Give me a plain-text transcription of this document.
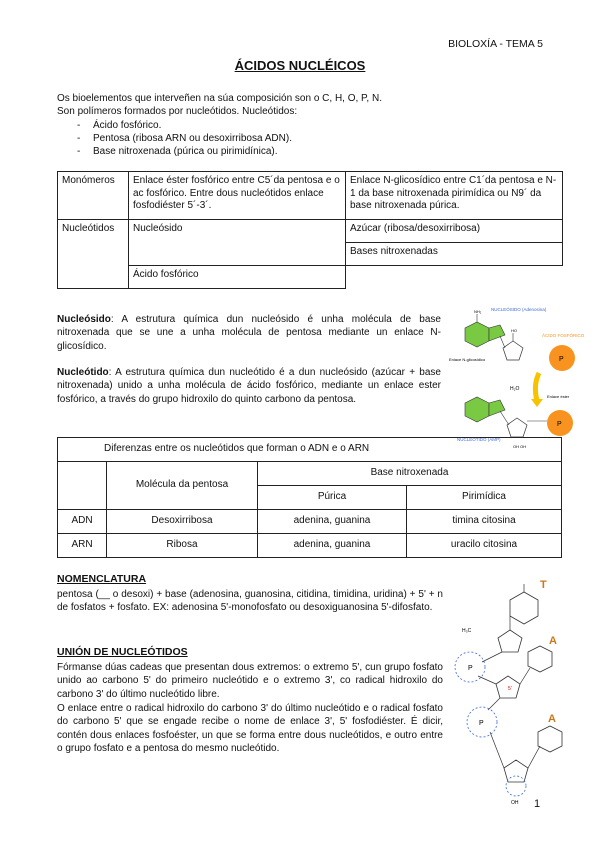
BIOLOXÍA - TEMA 5
ÁCIDOS NUCLÉICOS
Os bioelementos que interveñen na súa composición son o C, H, O, P, N.
Son polímeros formados por nucleótidos. Nucleótidos:
- Ácido fosfórico.
- Pentosa (ribosa ARN ou desoxirribosa ADN).
- Base nitroxenada (púrica ou pirimidínica).
Monómeros	Enlace éster fosfórico entre C5´da pentosa e o ac fosfórico. Entre dous nucleótidos enlace fosfodiéster 5´-3´.	Enlace N-glicosídico entre C1´da pentosa e N-1 da base nitroxenada pirimídica ou N9´ da base nitroxenada púrica.
Nucleótidos	Nucleósido	Azúcar (ribosa/desoxirribosa)
		Bases nitroxenadas
	Ácido fosfórico	
Nucleósido: A estrutura química dun nucleósido é unha molécula de base nitroxenada que se une a unha molécula de pentosa mediante un enlace N-glicosídico.
Nucleótido: A estrutura química dun nucleótido é a dun nucleósido (azúcar + base nitroxenada) unido a unha molécula de ácido fosfórico, mediante un enlace ester fosfórico, a través do grupo hidroxilo do quinto carbono da pentosa.
NUCLEÓSIDO (Adenosina)
NH₂
Enlace N-glicosídico
HO
ÁCIDO FOSFÓRICO
P
H₂O
Enlace éster
P
NUCLEÓTIDO (AMP)
OH OH
Diferenzas entre os nucleótidos que forman o ADN e o ARN			
	Molécula da pentosa	Base nitroxenada	
		Púrica	Pirimídica
ADN	Desoxirribosa	adenina, guanina	timina citosina
ARN	Ribosa	adenina, guanina	uracilo citosina
NOMENCLATURA
pentosa (__ o desoxi) + base (adenosina, guanosina, citidina, timidina, uridina) + 5' + n de fosfatos + fosfato. EX: adenosina 5'-monofosfato ou desoxiguanosina 5'-difosfato.
UNIÓN DE NUCLEÓTIDOS
Fórmanse dúas cadeas que presentan dous extremos: o extremo 5', cun grupo fosfato unido ao carbono 5' do primeiro nucleótido e o extremo 3', co radical hidroxilo do carbono 3' do último nucleótido libre.
O enlace entre o radical hidroxilo do carbono 3' do último nucleótido e o radical fosfato do carbono 5' que se engade recibe o nome de enlace 3', 5' fosfodiéster. É dicir, contén dous enlaces fosfoéster, un que se forma entre dous nucleótidos, e outro entre o grupo fosfato e a pentosa do mesmo nucleótido.
T
H₃C
A
P
5'
P	A
OH 1
